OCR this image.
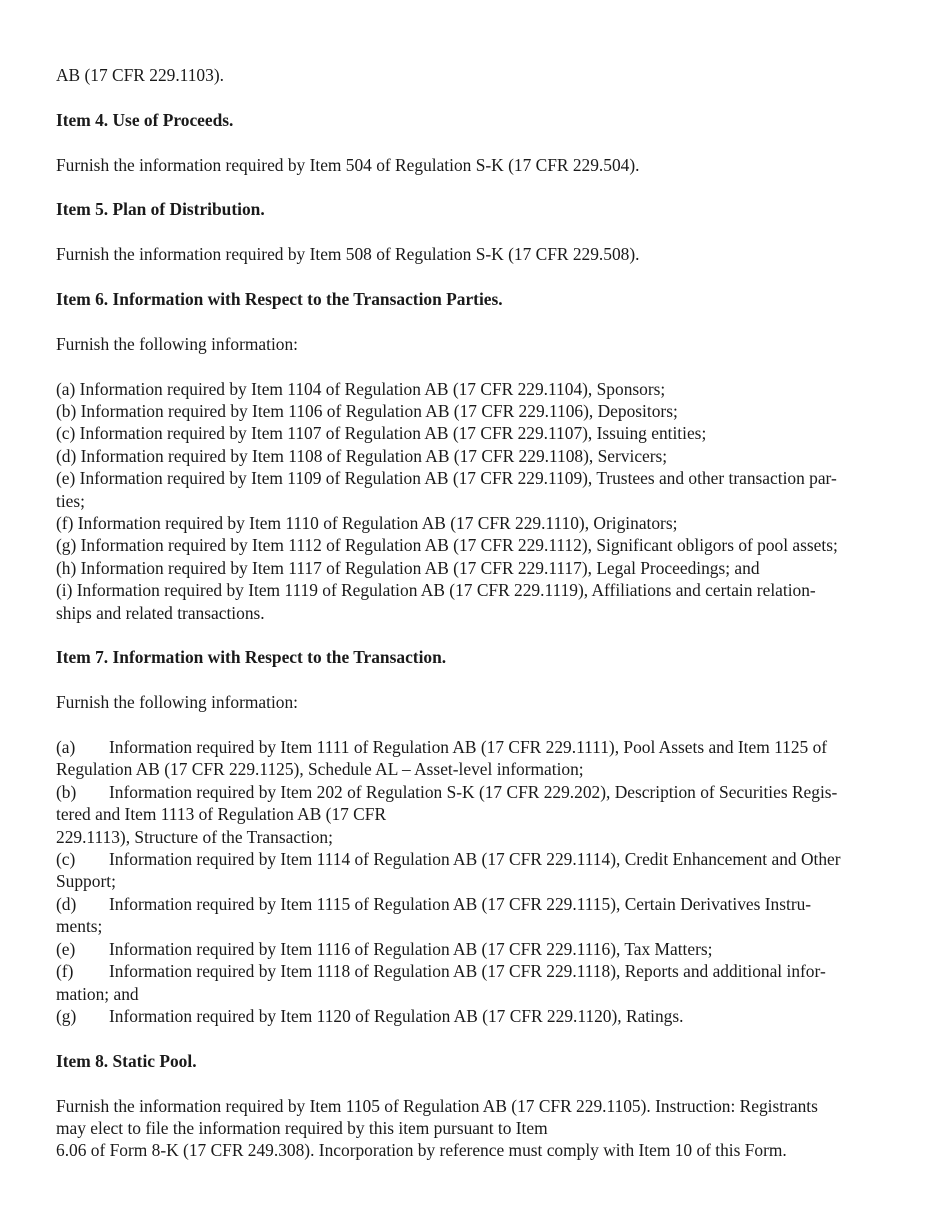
AB (17 CFR 229.1103).

Item 4. Use of Proceeds.

Furnish the information required by Item 504 of Regulation S-K (17 CFR 229.504).

Item 5. Plan of Distribution.

Furnish the information required by Item 508 of Regulation S-K (17 CFR 229.508).

Item 6. Information with Respect to the Transaction Parties.

Furnish the following information:

(a) Information required by Item 1104 of Regulation AB (17 CFR 229.1104), Sponsors;
(b) Information required by Item 1106 of Regulation AB (17 CFR 229.1106), Depositors;
(c) Information required by Item 1107 of Regulation AB (17 CFR 229.1107), Issuing entities;
(d) Information required by Item 1108 of Regulation AB (17 CFR 229.1108), Servicers;
(e) Information required by Item 1109 of Regulation AB (17 CFR 229.1109), Trustees and other transaction par-
ties;
(f) Information required by Item 1110 of Regulation AB (17 CFR 229.1110), Originators;
(g) Information required by Item 1112 of Regulation AB (17 CFR 229.1112), Significant obligors of pool assets;
(h) Information required by Item 1117 of Regulation AB (17 CFR 229.1117), Legal Proceedings; and
(i) Information required by Item 1119 of Regulation AB (17 CFR 229.1119), Affiliations and certain relation-
ships and related transactions.

Item 7. Information with Respect to the Transaction.

Furnish the following information:

(a) Information required by Item 1111 of Regulation AB (17 CFR 229.1111), Pool Assets and Item 1125 of
Regulation AB (17 CFR 229.1125), Schedule AL – Asset-level information;
(b) Information required by Item 202 of Regulation S-K (17 CFR 229.202), Description of Securities Regis-
tered and Item 1113 of Regulation AB (17 CFR
229.1113), Structure of the Transaction;
(c) Information required by Item 1114 of Regulation AB (17 CFR 229.1114), Credit Enhancement and Other
Support;
(d) Information required by Item 1115 of Regulation AB (17 CFR 229.1115), Certain Derivatives Instru-
ments;
(e) Information required by Item 1116 of Regulation AB (17 CFR 229.1116), Tax Matters;
(f) Information required by Item 1118 of Regulation AB (17 CFR 229.1118), Reports and additional infor-
mation; and
(g) Information required by Item 1120 of Regulation AB (17 CFR 229.1120), Ratings.

Item 8. Static Pool.

Furnish the information required by Item 1105 of Regulation AB (17 CFR 229.1105). Instruction: Registrants
may elect to file the information required by this item pursuant to Item
6.06 of Form 8-K (17 CFR 249.308). Incorporation by reference must comply with Item 10 of this Form.
